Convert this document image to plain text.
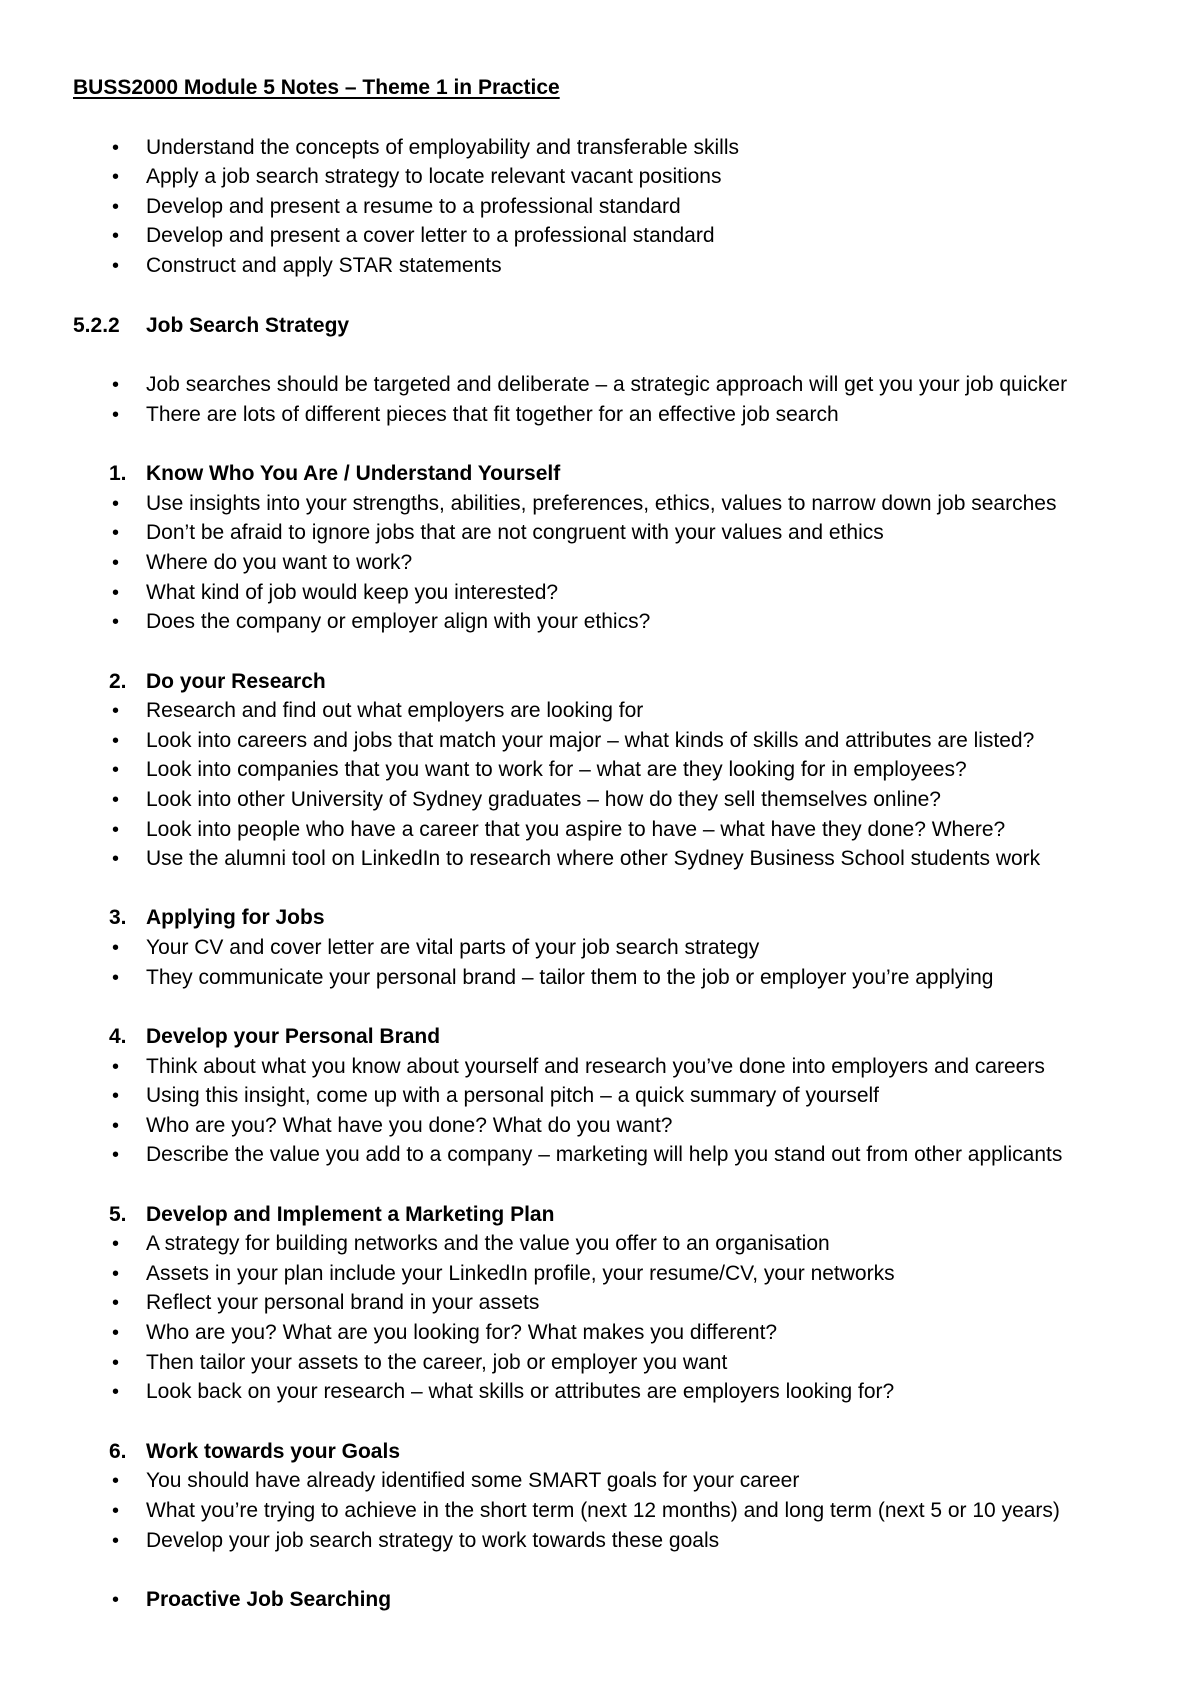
BUSS2000 Module 5 Notes – Theme 1 in Practice
• Understand the concepts of employability and transferable skills
• Apply a job search strategy to locate relevant vacant positions
• Develop and present a resume to a professional standard
• Develop and present a cover letter to a professional standard
• Construct and apply STAR statements
5.2.2 Job Search Strategy
• Job searches should be targeted and deliberate – a strategic approach will get you your job quicker
• There are lots of different pieces that fit together for an effective job search
1. Know Who You Are / Understand Yourself
• Use insights into your strengths, abilities, preferences, ethics, values to narrow down job searches
• Don’t be afraid to ignore jobs that are not congruent with your values and ethics
• Where do you want to work?
• What kind of job would keep you interested?
• Does the company or employer align with your ethics?
2. Do your Research
• Research and find out what employers are looking for
• Look into careers and jobs that match your major – what kinds of skills and attributes are listed?
• Look into companies that you want to work for – what are they looking for in employees?
• Look into other University of Sydney graduates – how do they sell themselves online?
• Look into people who have a career that you aspire to have – what have they done? Where?
• Use the alumni tool on LinkedIn to research where other Sydney Business School students work
3. Applying for Jobs
• Your CV and cover letter are vital parts of your job search strategy
• They communicate your personal brand – tailor them to the job or employer you’re applying
4. Develop your Personal Brand
• Think about what you know about yourself and research you’ve done into employers and careers
• Using this insight, come up with a personal pitch – a quick summary of yourself
• Who are you? What have you done? What do you want?
• Describe the value you add to a company – marketing will help you stand out from other applicants
5. Develop and Implement a Marketing Plan
• A strategy for building networks and the value you offer to an organisation
• Assets in your plan include your LinkedIn profile, your resume/CV, your networks
• Reflect your personal brand in your assets
• Who are you? What are you looking for? What makes you different?
• Then tailor your assets to the career, job or employer you want
• Look back on your research – what skills or attributes are employers looking for?
6. Work towards your Goals
• You should have already identified some SMART goals for your career
• What you’re trying to achieve in the short term (next 12 months) and long term (next 5 or 10 years)
• Develop your job search strategy to work towards these goals
• Proactive Job Searching
